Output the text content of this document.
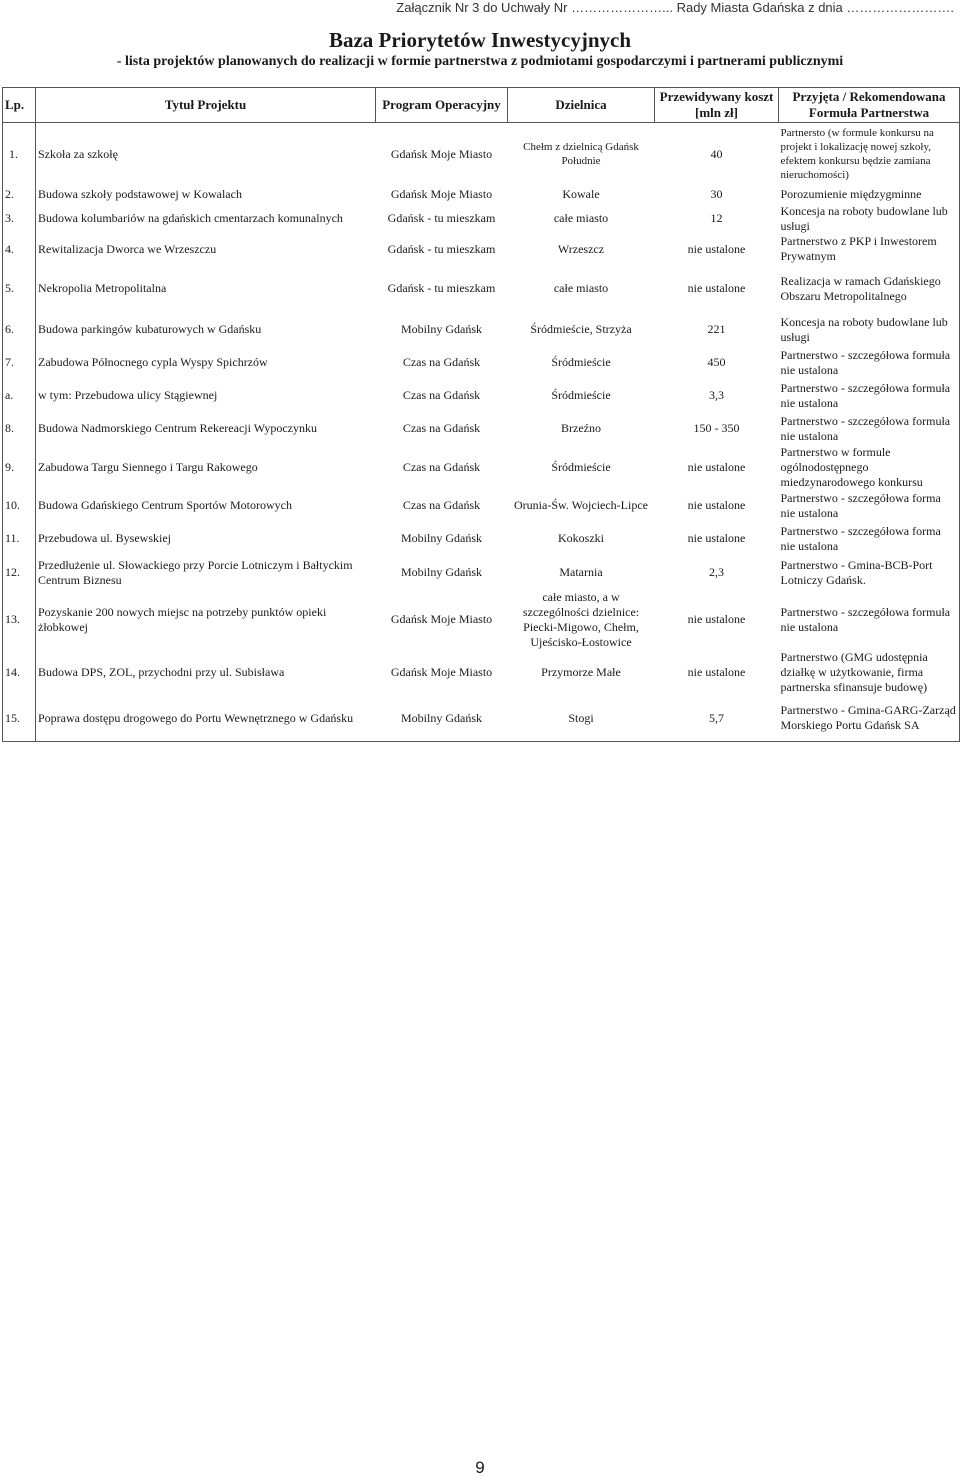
Załącznik Nr 3 do Uchwały Nr …………………... Rady Miasta Gdańska z dnia …………………….
Baza Priorytetów Inwestycyjnych
- lista projektów planowanych do realizacji w formie partnerstwa z podmiotami gospodarczymi i partnerami publicznymi
Lp.	Tytuł Projektu	Program Operacyjny	Dzielnica	Przewidywany koszt [mln zł]	Przyjęta / Rekomendowana Formuła Partnerstwa
1.	Szkoła za szkołę	Gdańsk Moje Miasto	Chełm z dzielnicą Gdańsk Południe	40	Partnersto (w formule konkursu na projekt i lokalizację nowej szkoły, efektem konkursu będzie zamiana nieruchomości)
2.	Budowa szkoły podstawowej w Kowalach	Gdańsk Moje Miasto	Kowale	30	Porozumienie międzygminne
3.	Budowa kolumbariów na gdańskich cmentarzach komunalnych	Gdańsk - tu mieszkam	całe miasto	12	Koncesja na roboty budowlane lub usługi
4.	Rewitalizacja Dworca we Wrzeszczu	Gdańsk - tu mieszkam	Wrzeszcz	nie ustalone	Partnerstwo z PKP i Inwestorem Prywatnym
5.	Nekropolia Metropolitalna	Gdańsk - tu mieszkam	całe miasto	nie ustalone	Realizacja w ramach Gdańskiego Obszaru Metropolitalnego
6.	Budowa parkingów kubaturowych w Gdańsku	Mobilny Gdańsk	Śródmieście, Strzyża	221	Koncesja na roboty budowlane lub usługi
7.	Zabudowa Północnego cypla Wyspy Spichrzów	Czas na Gdańsk	Śródmieście	450	Partnerstwo - szczegółowa formuła nie ustalona
a.	w tym: Przebudowa ulicy Stągiewnej	Czas na Gdańsk	Śródmieście	3,3	Partnerstwo - szczegółowa formuła nie ustalona
8.	Budowa Nadmorskiego Centrum Rekereacji Wypoczynku	Czas na Gdańsk	Brzeźno	150 - 350	Partnerstwo - szczegółowa formuła nie ustalona
9.	Zabudowa Targu Siennego i Targu Rakowego	Czas na Gdańsk	Śródmieście	nie ustalone	Partnerstwo w formule ogólnodostępnego miedzynarodowego konkursu
10.	Budowa Gdańskiego Centrum Sportów Motorowych	Czas na Gdańsk	Orunia-Św. Wojciech-Lipce	nie ustalone	Partnerstwo - szczegółowa forma nie ustalona
11.	Przebudowa ul. Bysewskiej	Mobilny Gdańsk	Kokoszki	nie ustalone	Partnerstwo - szczegółowa forma nie ustalona
12.	Przedłużenie ul. Słowackiego przy Porcie Lotniczym i Bałtyckim Centrum Biznesu	Mobilny Gdańsk	Matarnia	2,3	Partnerstwo - Gmina-BCB-Port Lotniczy Gdańsk.
13.	Pozyskanie 200 nowych miejsc na potrzeby punktów opieki żłobkowej	Gdańsk Moje Miasto	całe miasto, a w szczególności dzielnice: Piecki-Migowo, Chełm, Ujeścisko-Łostowice	nie ustalone	Partnerstwo - szczegółowa formuła nie ustalona
14.	Budowa DPS, ZOL, przychodni przy ul. Subisława	Gdańsk Moje Miasto	Przymorze Małe	nie ustalone	Partnerstwo (GMG udostępnia działkę w użytkowanie, firma partnerska sfinansuje budowę)
15.	Poprawa dostępu drogowego do Portu Wewnętrznego w Gdańsku	Mobilny Gdańsk	Stogi	5,7	Partnerstwo - Gmina-GARG-Zarząd Morskiego Portu Gdańsk SA
9
